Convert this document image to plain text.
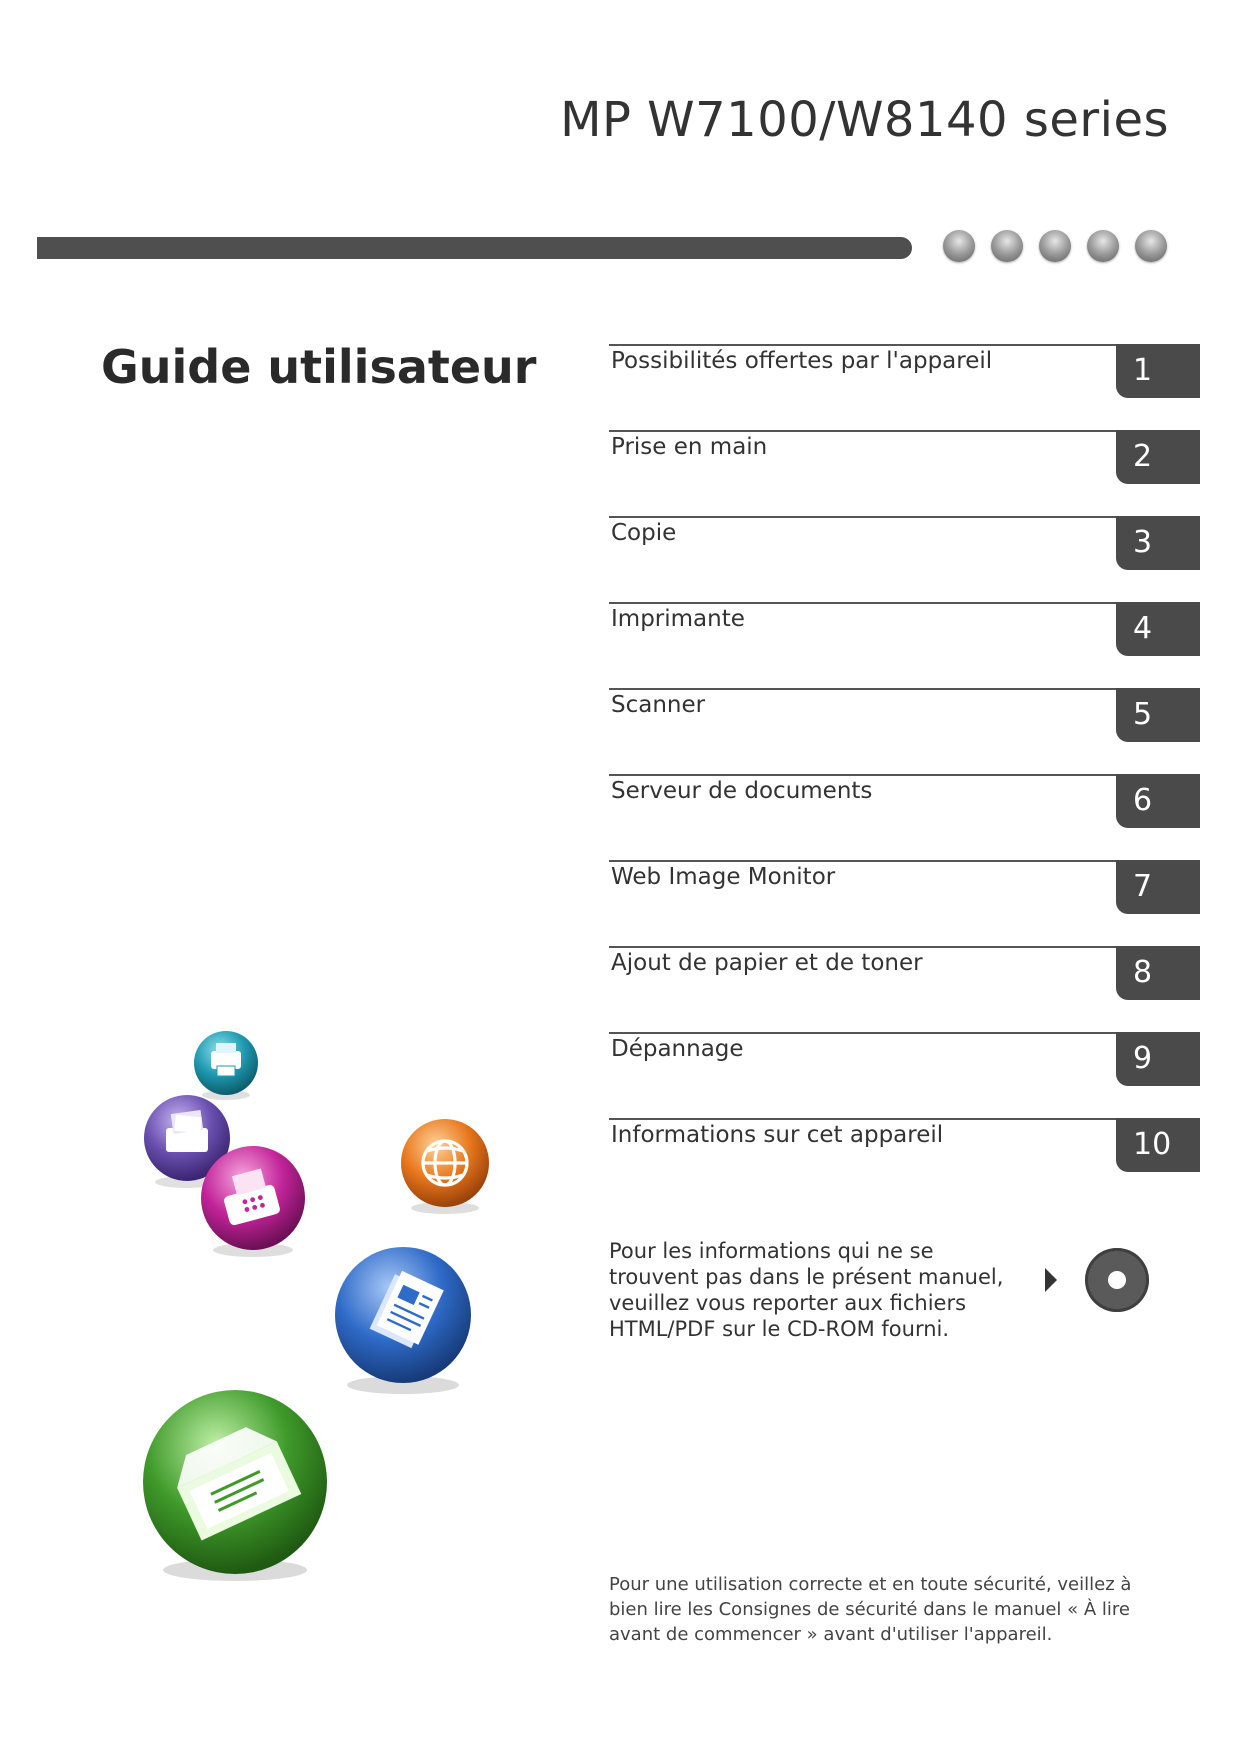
MP W7100/W8140 series
Guide utilisateur	Possibilités offertes par l'appareil	1
Prise en main	2
Copie	3
Imprimante	4
Scanner	5
Serveur de documents	6
Web Image Monitor	7
Ajout de papier et de toner	8
Dépannage	9
Informations sur cet appareil	10
Pour les informations qui ne se trouvent pas dans le présent manuel, veuillez vous reporter aux fichiers HTML/PDF sur le CD-ROM fourni.
Pour une utilisation correcte et en toute sécurité, veillez à bien lire les Consignes de sécurité dans le manuel « À lire avant de commencer » avant d'utiliser l'appareil.
